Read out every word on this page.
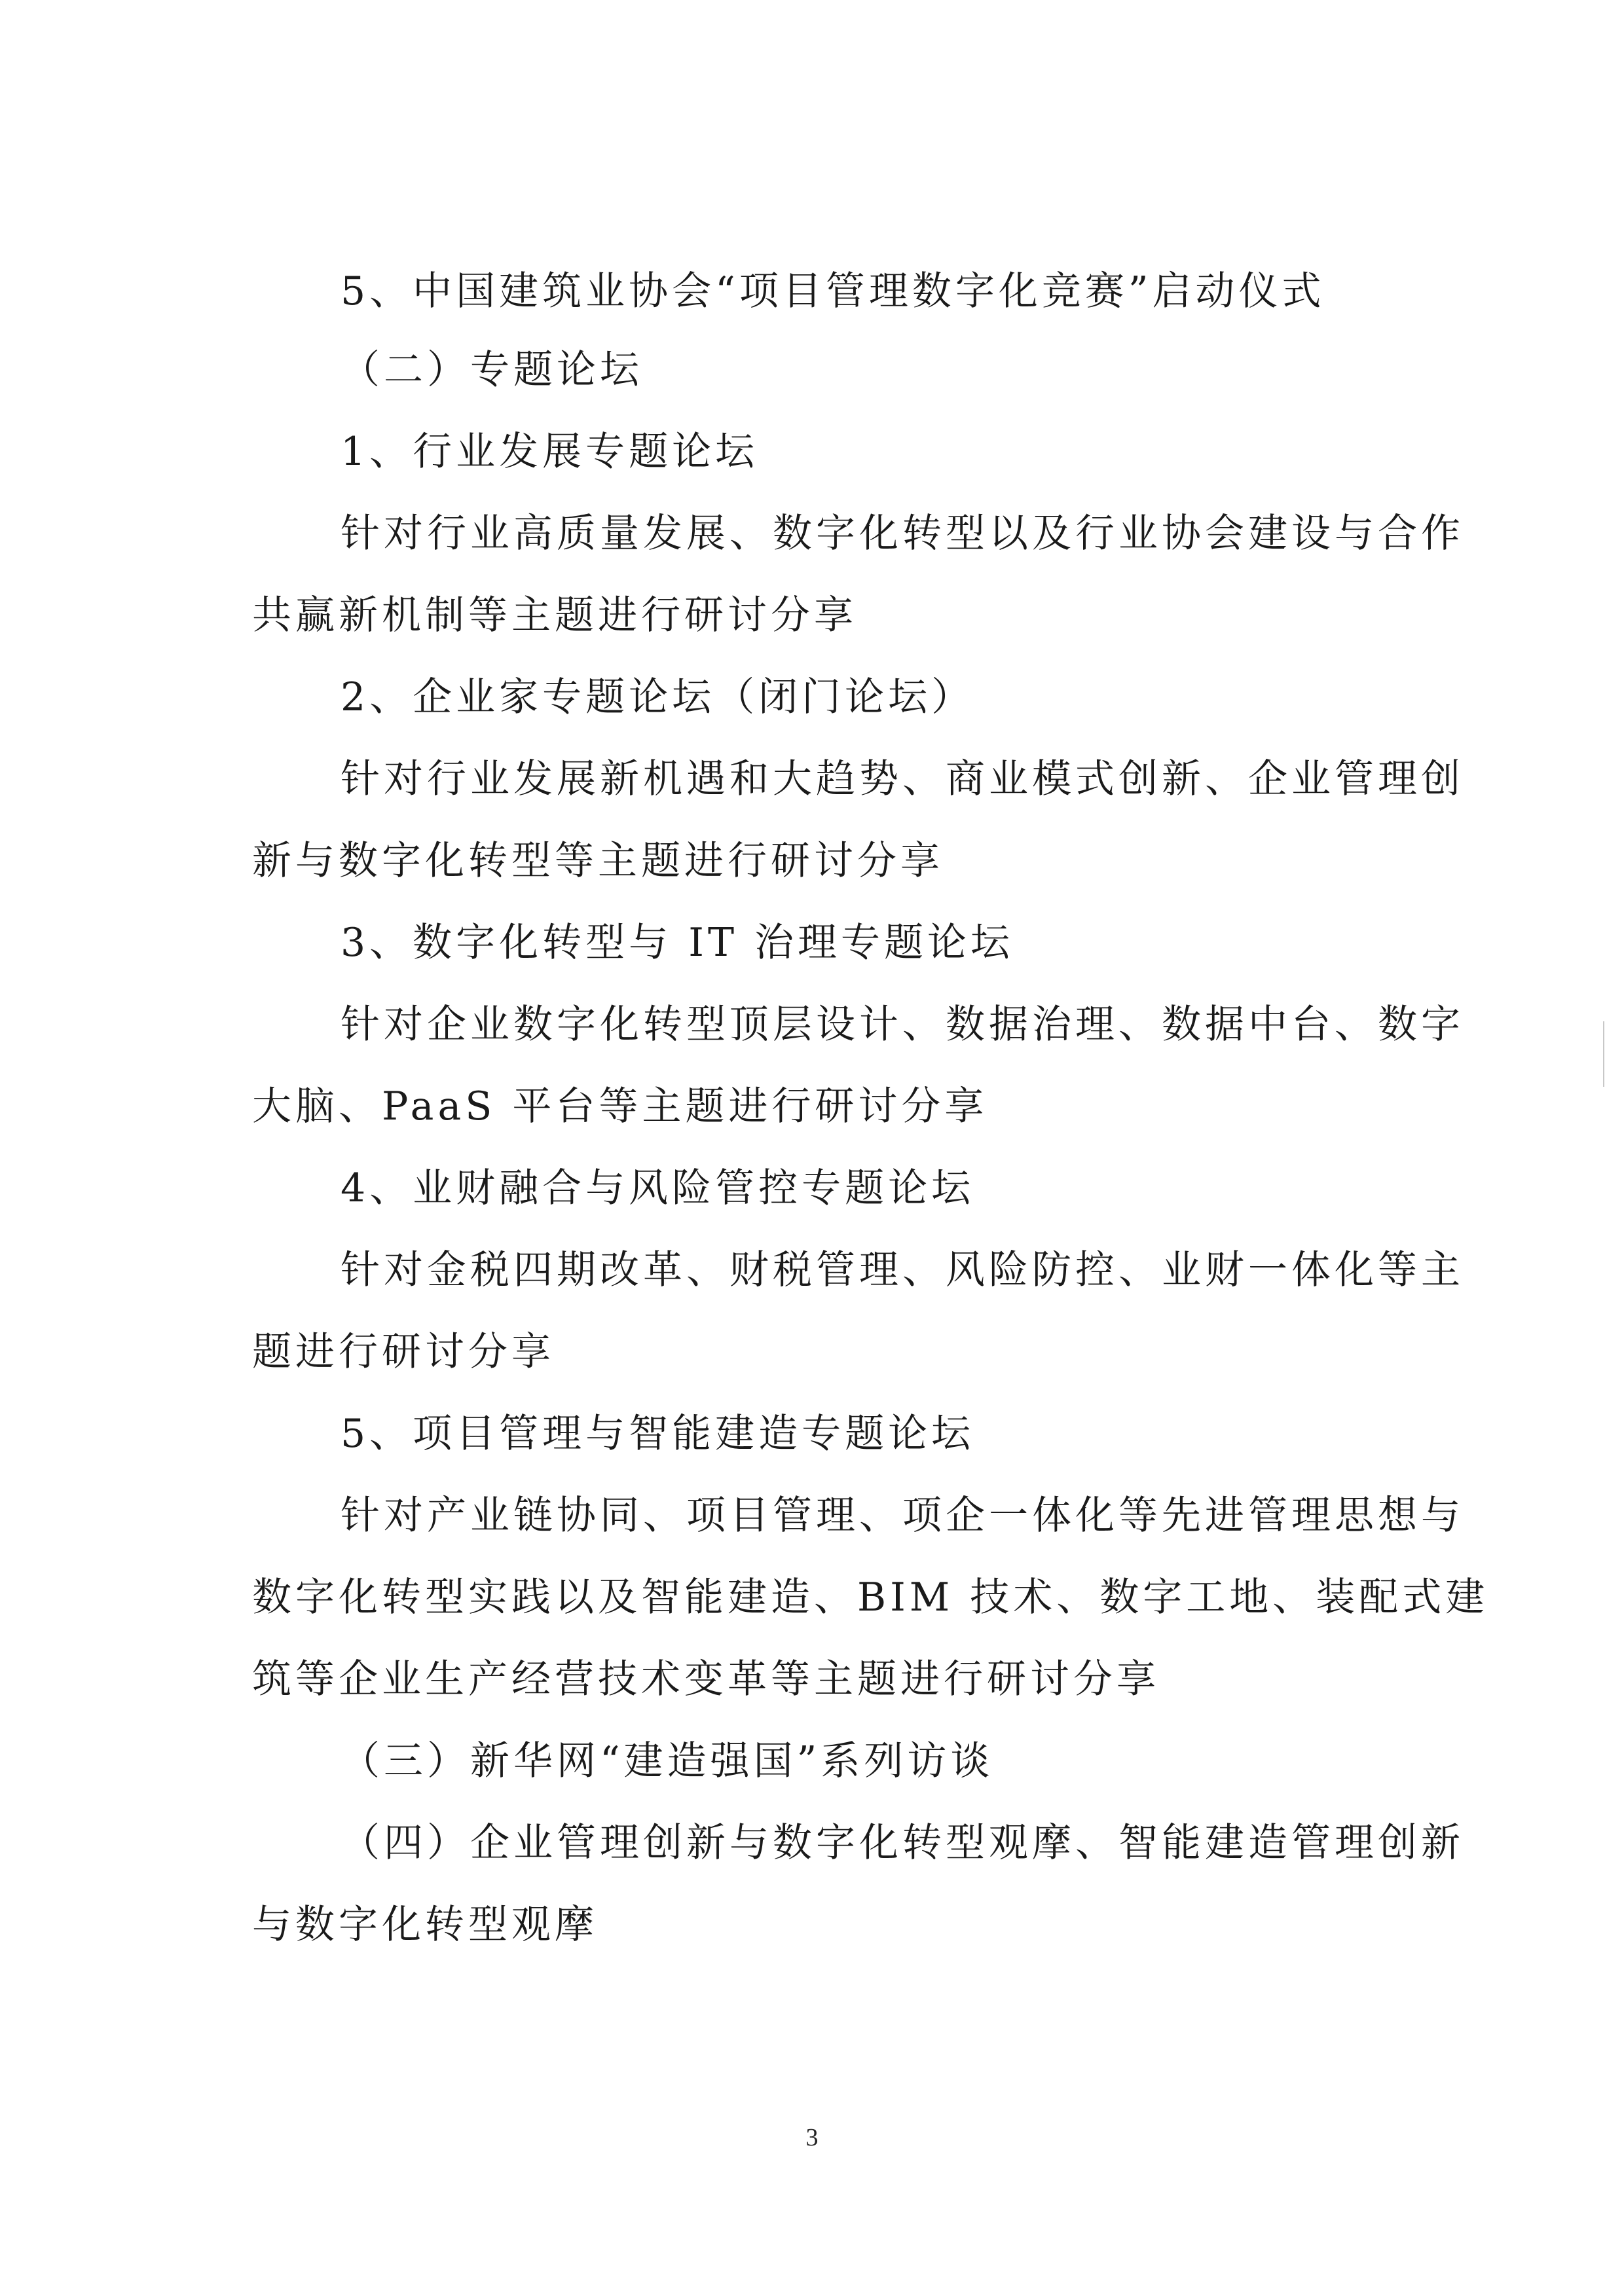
5、中国建筑业协会“项目管理数字化竞赛”启动仪式
（二）专题论坛
1、行业发展专题论坛
针对行业高质量发展、数字化转型以及行业协会建设与合作
共赢新机制等主题进行研讨分享
2、企业家专题论坛（闭门论坛）
针对行业发展新机遇和大趋势、商业模式创新、企业管理创
新与数字化转型等主题进行研讨分享
3、数字化转型与 IT 治理专题论坛
针对企业数字化转型顶层设计、数据治理、数据中台、数字
大脑、PaaS 平台等主题进行研讨分享
4、业财融合与风险管控专题论坛
针对金税四期改革、财税管理、风险防控、业财一体化等主
题进行研讨分享
5、项目管理与智能建造专题论坛
针对产业链协同、项目管理、项企一体化等先进管理思想与
数字化转型实践以及智能建造、BIM 技术、数字工地、装配式建
筑等企业生产经营技术变革等主题进行研讨分享
（三）新华网“建造强国”系列访谈
（四）企业管理创新与数字化转型观摩、智能建造管理创新
与数字化转型观摩
3
